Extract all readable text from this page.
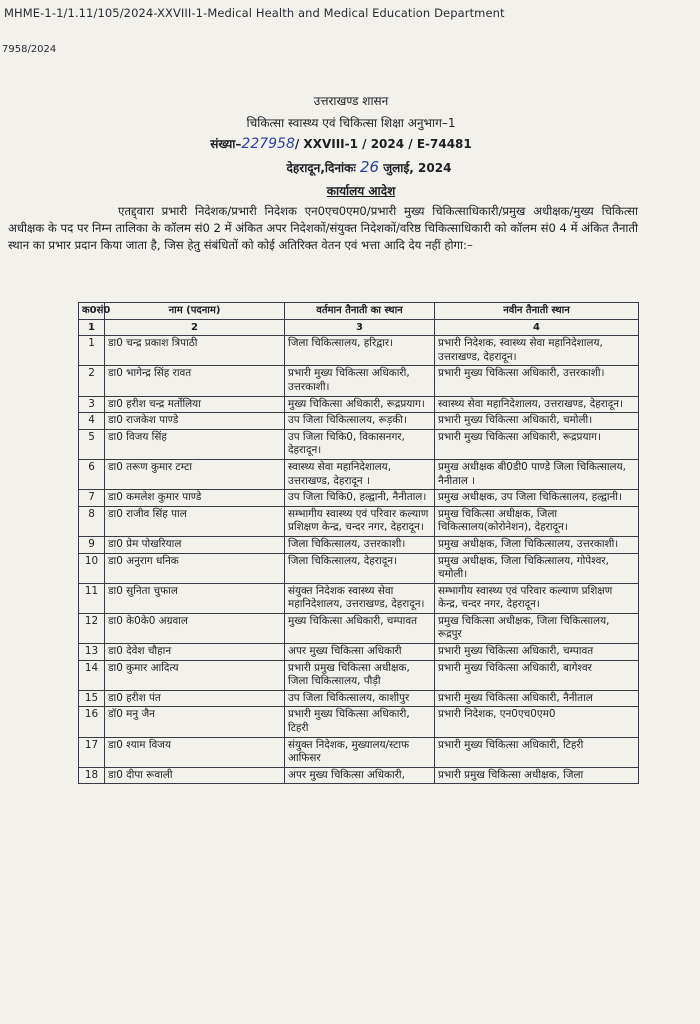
MHME-1-1/1.11/105/2024-XXVIII-1-Medical Health and Medical Education Department
7958/2024
उत्तराखण्ड शासन
चिकित्सा स्वास्थ्य एवं चिकित्सा शिक्षा अनुभाग–1
संख्या–227958/ XXVIII-1 / 2024 / E-74481
देहरादून,दिनांकः 26 जुलाई, 2024
कार्यालय आदेश
एतद्द्वारा प्रभारी निदेशक/प्रभारी निदेशक एन0एच0एम0/प्रभारी मुख्य चिकित्साधिकारी/प्रमुख अधीक्षक/मुख्य चिकित्सा अधीक्षक के पद पर निम्न तालिका के कॉलम सं0 2 में अंकित अपर निदेशकों/संयुक्त निदेशकों/वरिष्ठ चिकित्साधिकारी को कॉलम सं0 4 में अंकित तैनाती स्थान का प्रभार प्रदान किया जाता है, जिस हेतु संबंधितों को कोई अतिरिक्त वेतन एवं भत्ता आदि देय नहीं होगा:–
क0सं0	नाम (पदनाम)	वर्तमान तैनाती का स्थान	नवीन तैनाती स्थान
1	2	3	4
1	डा0 चन्द्र प्रकाश त्रिपाठी	जिला चिकित्सालय, हरिद्वार।	प्रभारी निदेशक, स्वास्थ्य सेवा महानिदेशालय, उत्तराखण्ड, देहरादून।
2	डा0 भागेन्द्र सिंह रावत	प्रभारी मुख्य चिकित्सा अधिकारी, उत्तरकाशी।	प्रभारी मुख्य चिकित्सा अधिकारी, उत्तरकाशी।
3	डा0 हरीश चन्द्र मर्तोलिया	मुख्य चिकित्सा अधिकारी, रूद्रप्रयाग।	स्वास्थ्य सेवा महानिदेशालय, उत्तराखण्ड, देहरादून।
4	डा0 राजकेश पाण्डे	उप जिला चिकित्सालय, रूड़की।	प्रभारी मुख्य चिकित्सा अधिकारी, चमोली।
5	डा0 विजय सिंह	उप जिला चिकि0, विकासनगर, देहरादून।	प्रभारी मुख्य चिकित्सा अधिकारी, रूद्रप्रयाग।
6	डा0 तरूण कुमार टम्टा	स्वास्थ्य सेवा महानिदेशालय, उत्तराखण्ड, देहरादून ।	प्रमुख अधीक्षक बी0डी0 पाण्डे जिला चिकित्सालय, नैनीताल ।
7	डा0 कमलेश कुमार पाण्डे	उप जिला चिकि0, हल्द्वानी, नैनीताल।	प्रमुख अधीक्षक, उप जिला चिकित्सालय, हल्द्वानी।
8	डा0 राजीव सिंह पाल	सम्भागीय स्वास्थ्य एवं परिवार कल्याण प्रशिक्षण केन्द्र, चन्दर नगर, देहरादून।	प्रमुख चिकित्सा अधीक्षक, जिला चिकित्सालय(कोरोनेशन), देहरादून।
9	डा0 प्रेम पोखरियाल	जिला चिकित्सालय, उत्तरकाशी।	प्रमुख अधीक्षक, जिला चिकित्सालय, उत्तरकाशी।
10	डा0 अनुराग धनिक	जिला चिकित्सालय, देहरादून।	प्रमुख अधीक्षक, जिला चिकित्सालय, गोपेश्वर, चमोली।
11	डा0 सुनिता चुफाल	संयुक्त निदेशक स्वास्थ्य सेवा महानिदेशालय, उत्तराखण्ड, देहरादून।	सम्भागीय स्वास्थ्य एवं परिवार कल्याण प्रशिक्षण केन्द्र, चन्दर नगर, देहरादून।
12	डा0 के0के0 अग्रवाल	मुख्य चिकित्सा अधिकारी, चम्पावत	प्रमुख चिकित्सा अधीक्षक, जिला चिकित्सालय, रूद्रपुर
13	डा0 देवेश चौहान	अपर मुख्य चिकित्सा अधिकारी	प्रभारी मुख्य चिकित्सा अधिकारी, चम्पावत
14	डा0 कुमार आदित्य	प्रभारी प्रमुख चिकित्सा अधीक्षक, जिला चिकित्सालय, पौड़ी	प्रभारी मुख्य चिकित्सा अधिकारी, बागेश्वर
15	डा0 हरीश पंत	उप जिला चिकित्सालय, काशीपुर	प्रभारी मुख्य चिकित्सा अधिकारी, नैनीताल
16	डॉ0 मनु जैन	प्रभारी मुख्य चिकित्सा अधिकारी, टिहरी	प्रभारी निदेशक, एन0एच0एम0
17	डा0 श्याम विजय	संयुक्त निदेशक, मुख्यालय/स्टाफ आफिसर	प्रभारी मुख्य चिकित्सा अधिकारी, टिहरी
18	डा0 दीपा रूवाली	अपर मुख्य चिकित्सा अधिकारी,	प्रभारी प्रमुख चिकित्सा अधीक्षक, जिला
